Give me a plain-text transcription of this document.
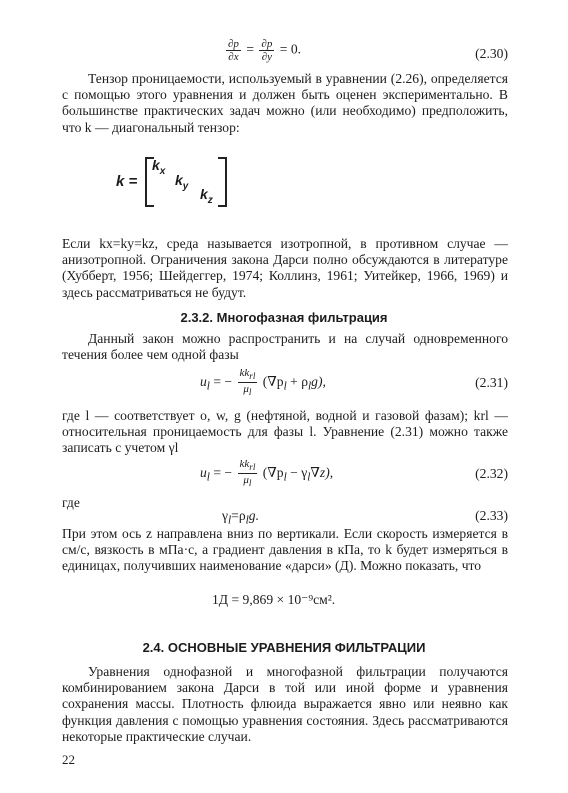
$\frac{\partial p}{\partial x} = \frac{\partial p}{\partial y} = 0$.	(2.30)
Тензор проницаемости, используемый в уравнении (2.26), определяется с помощью этого уравнения и должен быть оценен экспериментально. В большинстве практических задач можно (или необходимо) предположить, что k — диагональный тензор:
k =
$k_x$
$k_y$ $k_z$
Если kx=ky=kz, среда называется изотропной, в противном случае — анизотропной. Ограничения закона Дарси полно обсуждаются в литературе (Хубберт, 1956; Шейдеггер, 1974; Коллинз, 1961; Уитейкер, 1966, 1969) и здесь рассматриваться не будут.
2.3.2. Многофазная фильтрация
Данный закон можно распространить и на случай одновременного течения более чем одной фазы
$u_l$ = − $\frac{kk_{rl}}{\mu_l} (\nabla p_l + \rho_lg)$,	(2.31)
где l — соответствует o, w, g (нефтяной, водной и газовой фазам); krl — относительная проницаемость для фазы l. Уравнение (2.31) можно также записать с учетом γl
$u_l$ = − $\frac{kk_{rl}}{\mu_l} (\nabla p_l - \gamma_l\nabla z)$,	(2.32)
где
$\gamma_l=\rho_lg$.	(2.33)
При этом ось z направлена вниз по вертикали. Если скорость измеряется в см/с, вязкость в мПа·с, а градиент давления в кПа, то k будет измеряться в единицах, получивших наименование «дарси» (Д). Можно показать, что
1Д = 9,869 × 10⁻⁹см².
2.4. ОСНОВНЫЕ УРАВНЕНИЯ ФИЛЬТРАЦИИ
Уравнения однофазной и многофазной фильтрации получаются комбинированием закона Дарси в той или иной форме и уравнения сохранения массы. Плотность флюида выражается явно или неявно как функция давления с помощью уравнения состояния. Здесь рассматриваются некоторые практические случаи.
22
